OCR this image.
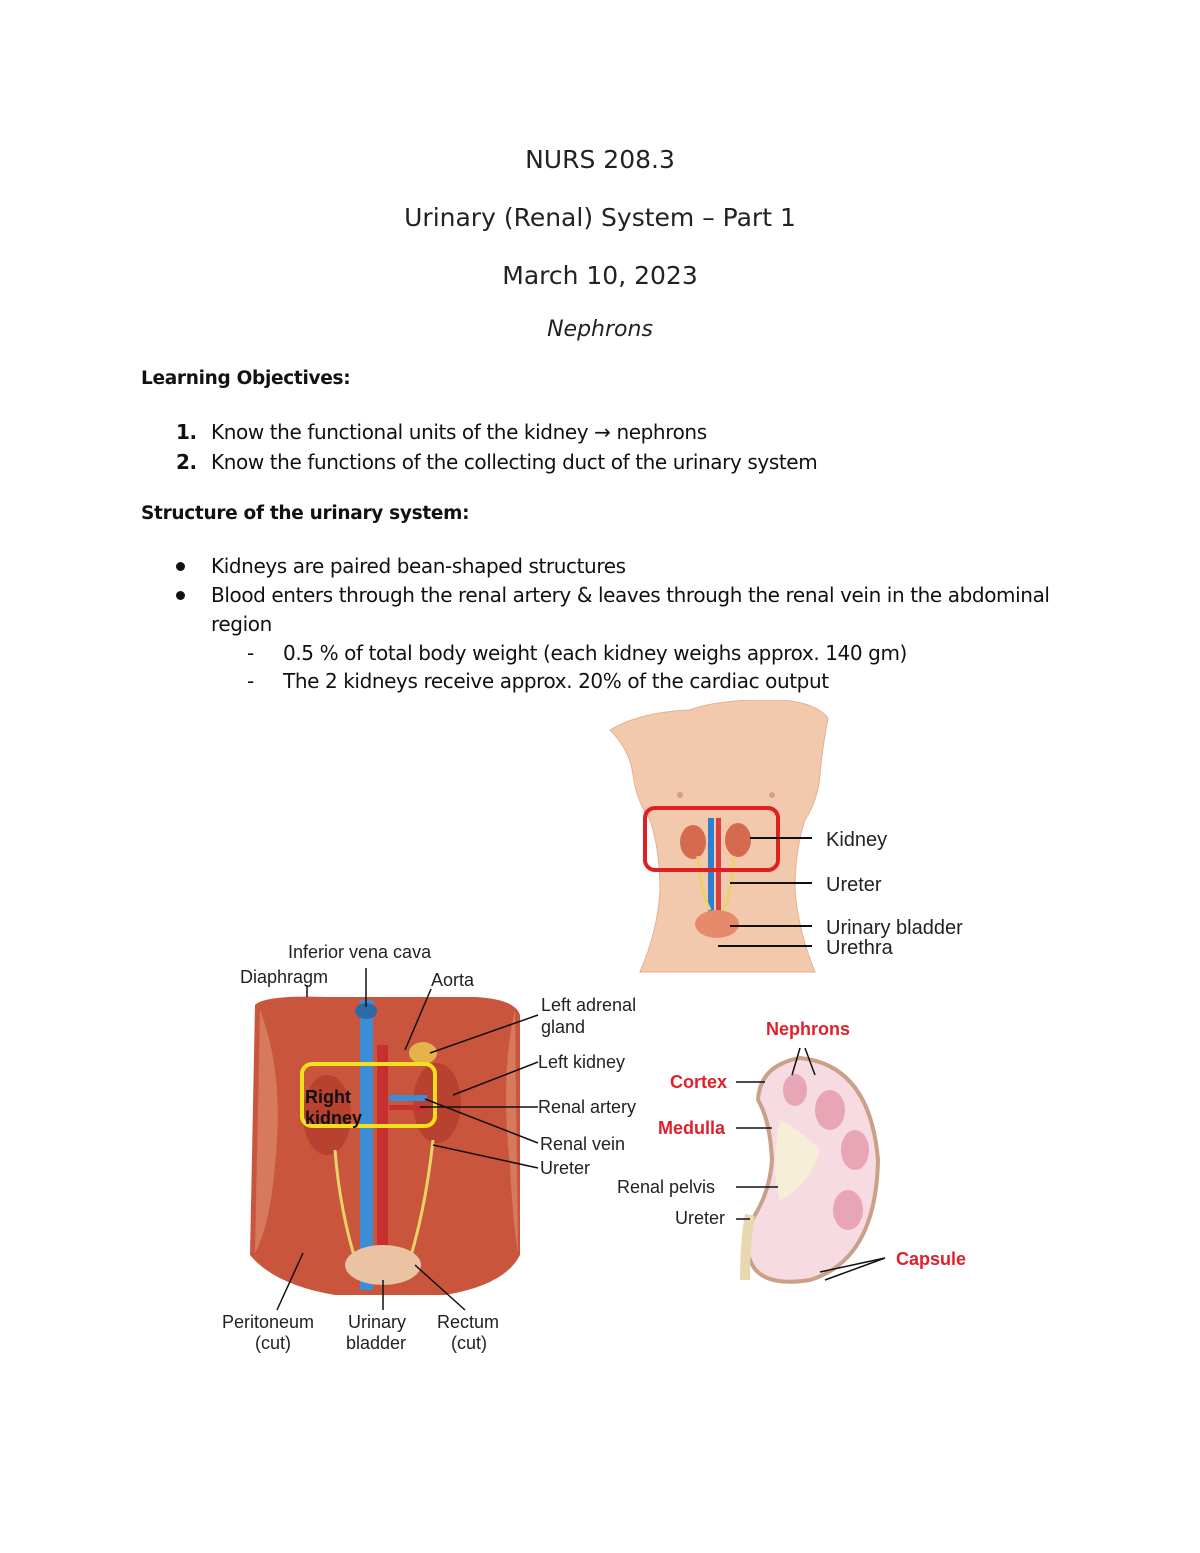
NURS 208.3
Urinary (Renal) System – Part 1
March 10, 2023
Nephrons
Learning Objectives:
1. Know the functional units of the kidney → nephrons
2. Know the functions of the collecting duct of the urinary system
Structure of the urinary system:
Kidneys are paired bean-shaped structures
Blood enters through the renal artery & leaves through the renal vein in the abdominal
region
- 0.5 % of total body weight (each kidney weighs approx. 140 gm)
- The 2 kidneys receive approx. 20% of the cardiac output
Kidney
Ureter
Urinary bladder
Urethra
Inferior vena cava
Diaphragm	Aorta
Left adrenal
gland
Left kidney
Right
kidney
Renal artery
Renal vein
Ureter
Peritoneum
(cut)
Urinary
bladder
Rectum
(cut)
Nephrons
Cortex
Medulla
Renal pelvis
Ureter
Capsule
